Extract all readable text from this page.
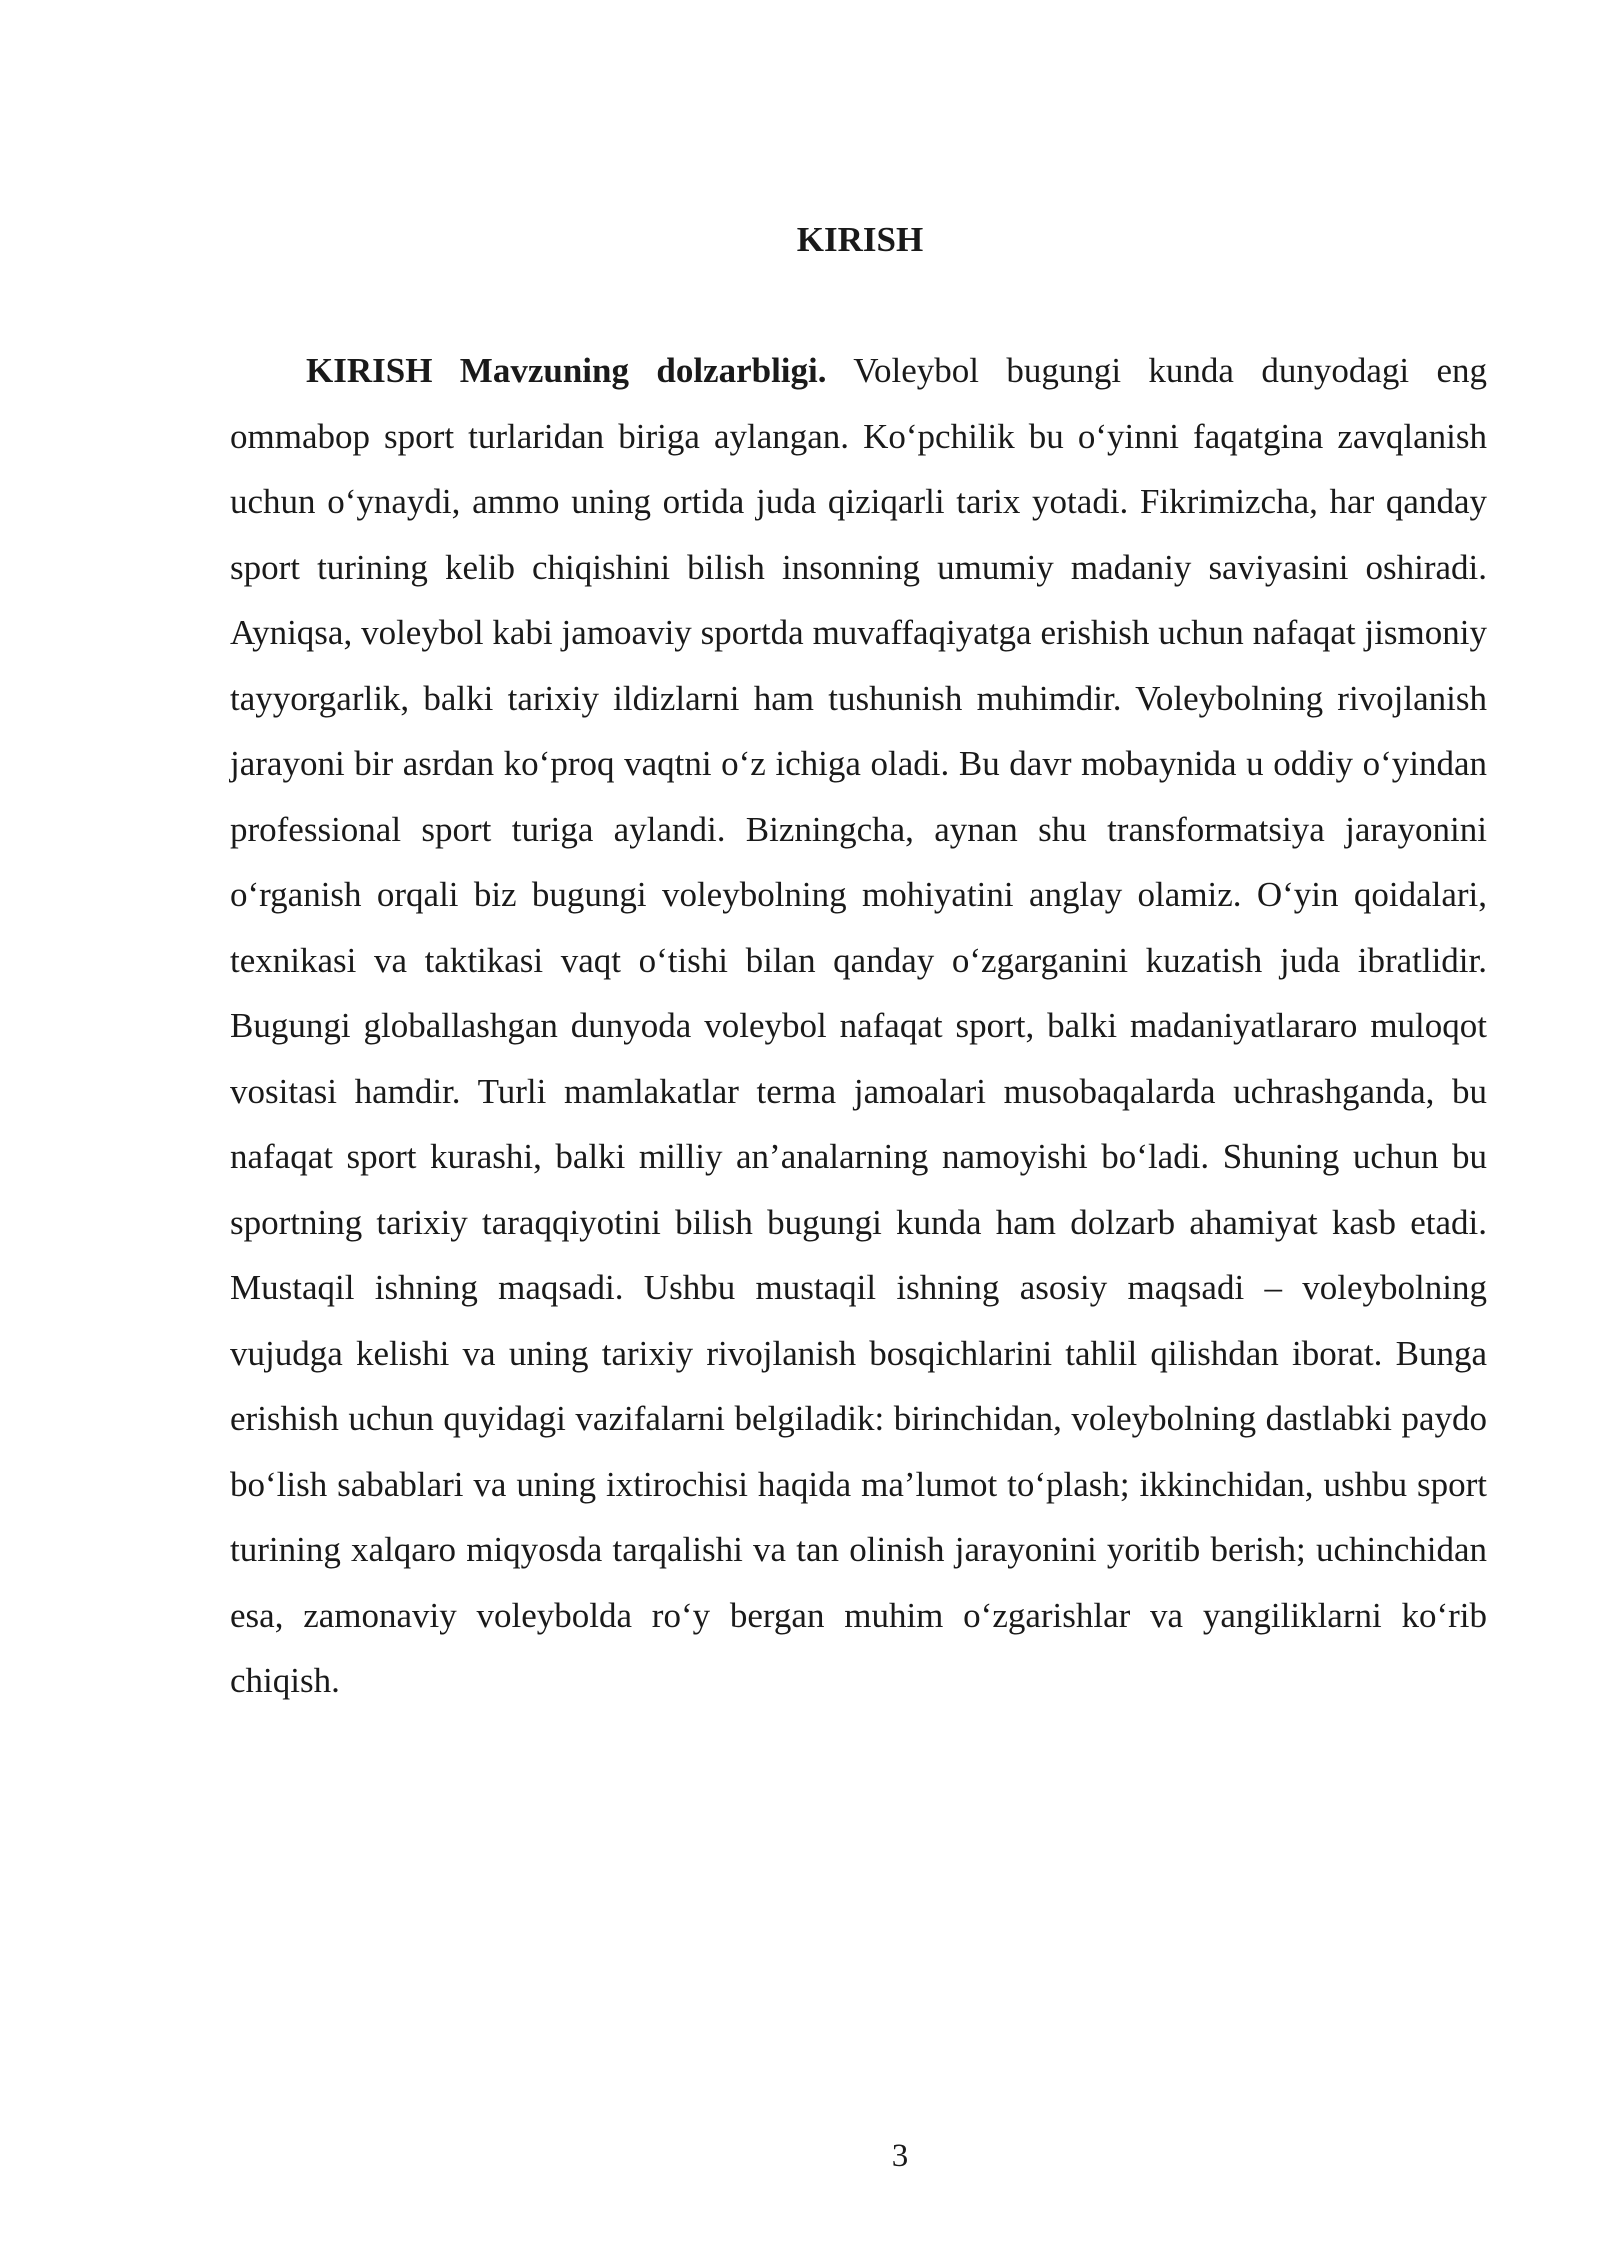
KIRISH

KIRISH Mavzuning dolzarbligi. Voleybol bugungi kunda dunyodagi eng ommabop sport turlaridan biriga aylangan. Koʻpchilik bu oʻyinni faqatgina zavqlanish uchun oʻynaydi, ammo uning ortida juda qiziqarli tarix yotadi. Fikrimizcha, har qanday sport turining kelib chiqishini bilish insonning umumiy madaniy saviyasini oshiradi. Ayniqsa, voleybol kabi jamoaviy sportda muvaffaqiyatga erishish uchun nafaqat jismoniy tayyorgarlik, balki tarixiy ildizlarni ham tushunish muhimdir. Voleybolning rivojlanish jarayoni bir asrdan koʻproq vaqtni oʻz ichiga oladi. Bu davr mobaynida u oddiy oʻyindan professional sport turiga aylandi. Bizningcha, aynan shu transformatsiya jarayonini oʻrganish orqali biz bugungi voleybolning mohiyatini anglay olamiz. Oʻyin qoidalari, texnikasi va taktikasi vaqt oʻtishi bilan qanday oʻzgarganini kuzatish juda ibratlidir. Bugungi globallashgan dunyoda voleybol nafaqat sport, balki madaniyatlararo muloqot vositasi hamdir. Turli mamlakatlar terma jamoalari musobaqalarda uchrashganda, bu nafaqat sport kurashi, balki milliy an’analarning namoyishi boʻladi. Shuning uchun bu sportning tarixiy taraqqiyotini bilish bugungi kunda ham dolzarb ahamiyat kasb etadi. Mustaqil ishning maqsadi. Ushbu mustaqil ishning asosiy maqsadi – voleybolning vujudga kelishi va uning tarixiy rivojlanish bosqichlarini tahlil qilishdan iborat. Bunga erishish uchun quyidagi vazifalarni belgiladik: birinchidan, voleybolning dastlabki paydo boʻlish sabablari va uning ixtirochisi haqida ma’lumot toʻplash; ikkinchidan, ushbu sport turining xalqaro miqyosda tarqalishi va tan olinish jarayonini yoritib berish; uchinchidan esa, zamonaviy voleybolda roʻy bergan muhim oʻzgarishlar va yangiliklarni koʻrib chiqish.

3
